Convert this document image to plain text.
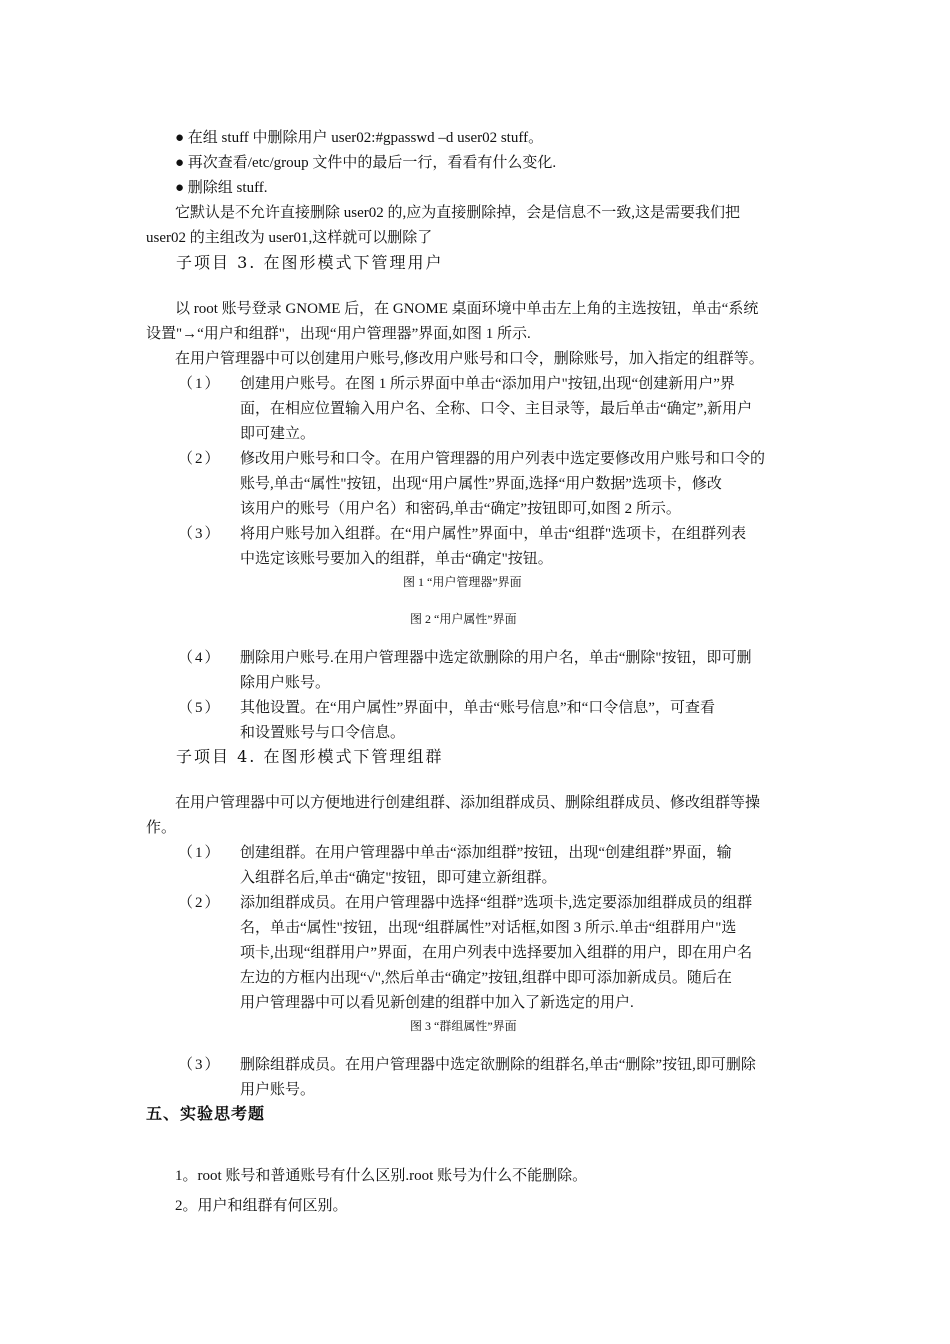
● 在组 stuff 中删除用户 user02:#gpasswd –d user02 stuff。
● 再次查看/etc/group 文件中的最后一行，看看有什么变化.
● 删除组 stuff.
它默认是不允许直接删除 user02 的,应为直接删除掉，会是信息不一致,这是需要我们把
user02 的主组改为 user01,这样就可以删除了
子项目 3. 在图形模式下管理用户
以 root 账号登录 GNOME 后，在 GNOME 桌面环境中单击左上角的主选按钮，单击“系统
设置"→“用户和组群"，出现“用户管理器”界面,如图 1 所示.
在用户管理器中可以创建用户账号,修改用户账号和口令，删除账号，加入指定的组群等。
（1） 创建用户账号。在图 1 所示界面中单击“添加用户"按钮,出现“创建新用户”界
面，在相应位置输入用户名、全称、口令、主目录等，最后单击“确定”,新用户
即可建立。
（2） 修改用户账号和口令。在用户管理器的用户列表中选定要修改用户账号和口令的
账号,单击“属性"按钮，出现“用户属性”界面,选择“用户数据”选项卡，修改
该用户的账号（用户名）和密码,单击“确定”按钮即可,如图 2 所示。
（3） 将用户账号加入组群。在“用户属性”界面中，单击“组群"选项卡，在组群列表
中选定该账号要加入的组群，单击“确定"按钮。
图 1 “用户管理器”界面
图 2 “用户属性”界面
（4） 删除用户账号.在用户管理器中选定欲删除的用户名，单击“删除"按钮，即可删
除用户账号。
（5） 其他设置。在“用户属性”界面中，单击“账号信息”和“口令信息”，可查看
和设置账号与口令信息。
子项目 4. 在图形模式下管理组群
在用户管理器中可以方便地进行创建组群、添加组群成员、删除组群成员、修改组群等操
作。
（1） 创建组群。在用户管理器中单击“添加组群”按钮，出现“创建组群”界面，输
入组群名后,单击“确定"按钮，即可建立新组群。
（2） 添加组群成员。在用户管理器中选择“组群”选项卡,选定要添加组群成员的组群
名，单击“属性"按钮，出现“组群属性”对话框,如图 3 所示.单击“组群用户"选
项卡,出现“组群用户”界面，在用户列表中选择要加入组群的用户，即在用户名
左边的方框内出现“√",然后单击“确定”按钮,组群中即可添加新成员。随后在
用户管理器中可以看见新创建的组群中加入了新选定的用户.
图 3 “群组属性”界面
（3） 删除组群成员。在用户管理器中选定欲删除的组群名,单击“删除”按钮,即可删除
用户账号。
五、实验思考题
1。root 账号和普通账号有什么区别.root 账号为什么不能删除。
2。用户和组群有何区别。
